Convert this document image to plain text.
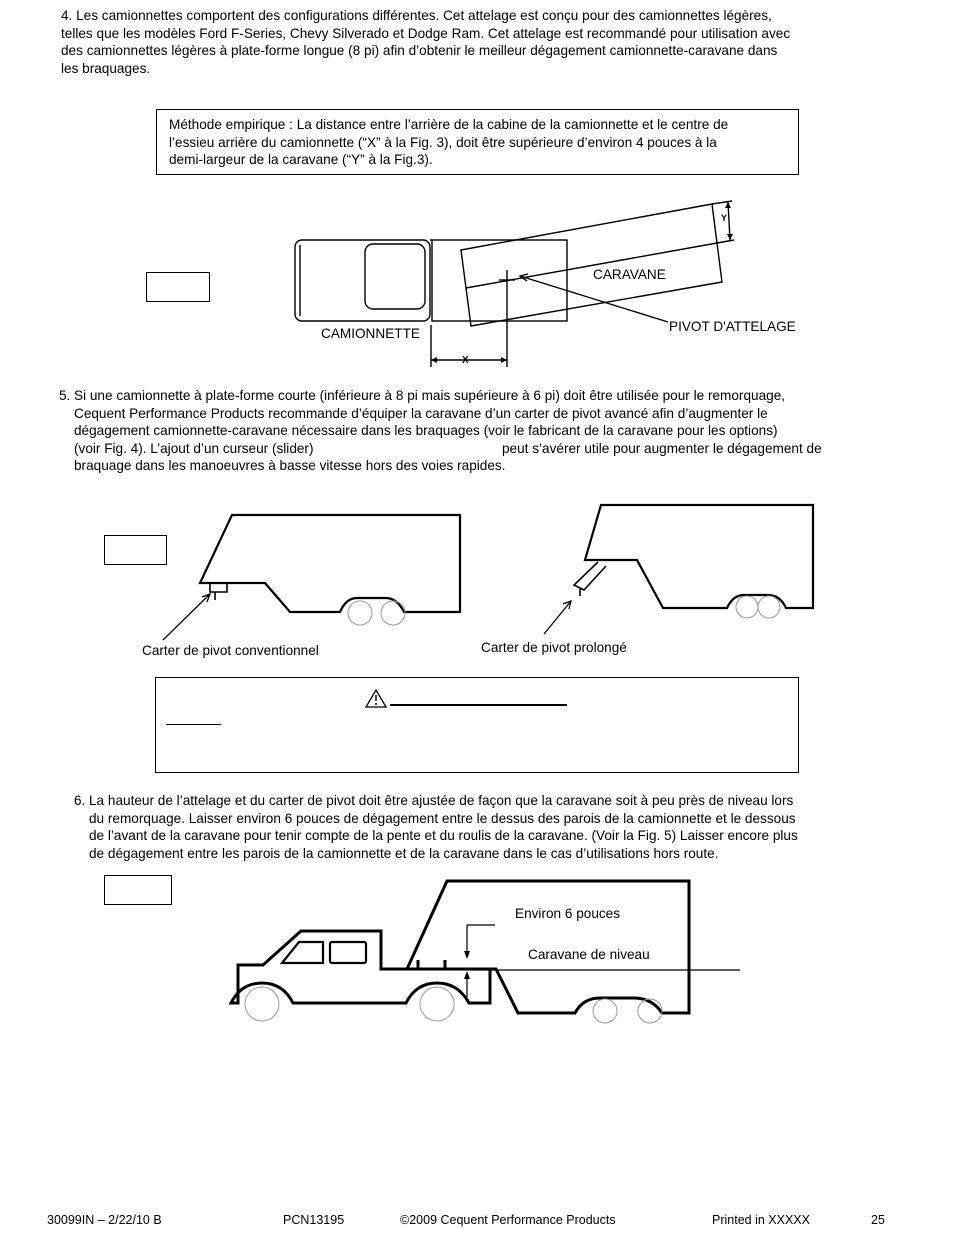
4. Les camionnettes comportent des configurations différentes. Cet attelage est conçu pour des camionnettes légères,
telles que les modèles Ford F-Series, Chevy Silverado et Dodge Ram. Cet attelage est recommandé pour utilisation avec
des camionnettes légères à plate-forme longue (8 pi) afin d’obtenir le meilleur dégagement camionnette-caravane dans
les braquages.
Méthode empirique : La distance entre l’arrière de la cabine de la camionnette et le centre de
l’essieu arrière du camionnette (“X” à la Fig. 3), doit être supérieure d’environ 4 pouces à la
demi-largeur de la caravane (“Y” à la Fig.3).
CARAVANE
CAMIONNETTE	PIVOT D'ATTELAGE
X
Y
5. Si une camionnette à plate-forme courte (inférieure à 8 pi mais supérieure à 6 pi) doit être utilisée pour le remorquage,
Cequent Performance Products recommande d’équiper la caravane d’un carter de pivot avancé afin d’augmenter le
dégagement camionnette-caravane nécessaire dans les braquages (voir le fabricant de la caravane pour les options)
(voir Fig. 4). L’ajout d’un curseur (slider)	peut s’avérer utile pour augmenter le dégagement de
braquage dans les manoeuvres à basse vitesse hors des voies rapides.
Carter de pivot conventionnel	Carter de pivot prolongé
6. La hauteur de l’attelage et du carter de pivot doit être ajustée de façon que la caravane soit à peu près de niveau lors
du remorquage. Laisser environ 6 pouces de dégagement entre le dessus des parois de la camionnette et le dessous
de l’avant de la caravane pour tenir compte de la pente et du roulis de la caravane. (Voir la Fig. 5) Laisser encore plus
de dégagement entre les parois de la camionnette et de la caravane dans le cas d’utilisations hors route.
Environ 6 pouces
Caravane de niveau
30099IN – 2/22/10 B	PCN13195	©2009 Cequent Performance Products	Printed in XXXXX	25
